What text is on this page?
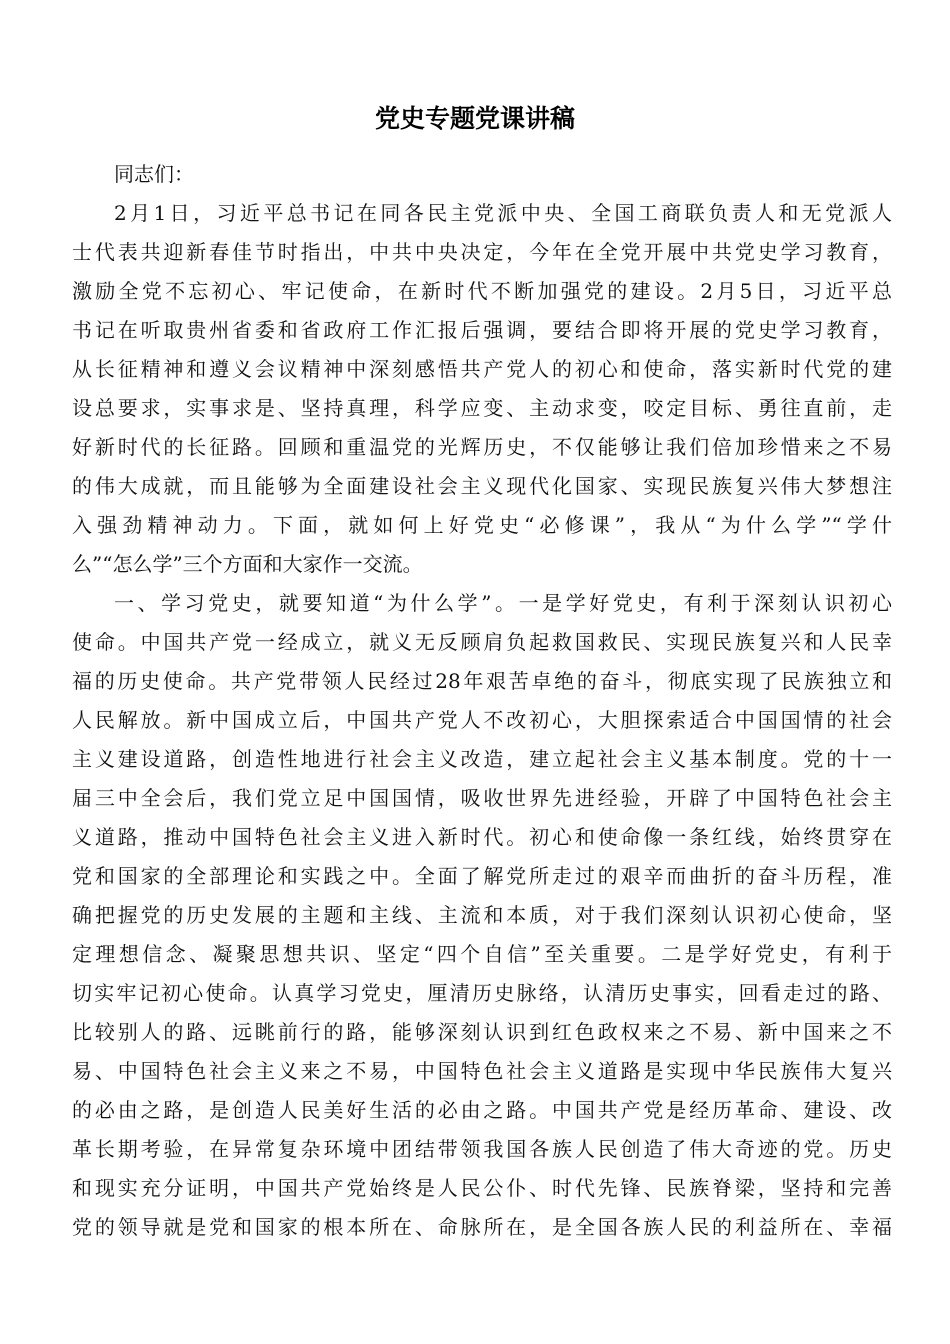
党史专题党课讲稿
同志们：
2月1日，习近平总书记在同各民主党派中央、全国工商联负责人和无党派人
士代表共迎新春佳节时指出，中共中央决定，今年在全党开展中共党史学习教育，
激励全党不忘初心、牢记使命，在新时代不断加强党的建设。2月5日，习近平总
书记在听取贵州省委和省政府工作汇报后强调，要结合即将开展的党史学习教育，
从长征精神和遵义会议精神中深刻感悟共产党人的初心和使命，落实新时代党的建
设总要求，实事求是、坚持真理，科学应变、主动求变，咬定目标、勇往直前，走
好新时代的长征路。回顾和重温党的光辉历史，不仅能够让我们倍加珍惜来之不易
的伟大成就，而且能够为全面建设社会主义现代化国家、实现民族复兴伟大梦想注
入强劲精神动力。下面，就如何上好党史“必修课”，我从“为什么学”“学什
么”“怎么学”三个方面和大家作一交流。
一、学习党史，就要知道“为什么学”。一是学好党史，有利于深刻认识初心
使命。中国共产党一经成立，就义无反顾肩负起救国救民、实现民族复兴和人民幸
福的历史使命。共产党带领人民经过28年艰苦卓绝的奋斗，彻底实现了民族独立和
人民解放。新中国成立后，中国共产党人不改初心，大胆探索适合中国国情的社会
主义建设道路，创造性地进行社会主义改造，建立起社会主义基本制度。党的十一
届三中全会后，我们党立足中国国情，吸收世界先进经验，开辟了中国特色社会主
义道路，推动中国特色社会主义进入新时代。初心和使命像一条红线，始终贯穿在
党和国家的全部理论和实践之中。全面了解党所走过的艰辛而曲折的奋斗历程，准
确把握党的历史发展的主题和主线、主流和本质，对于我们深刻认识初心使命，坚
定理想信念、凝聚思想共识、坚定“四个自信”至关重要。二是学好党史，有利于
切实牢记初心使命。认真学习党史，厘清历史脉络，认清历史事实，回看走过的路、
比较别人的路、远眺前行的路，能够深刻认识到红色政权来之不易、新中国来之不
易、中国特色社会主义来之不易，中国特色社会主义道路是实现中华民族伟大复兴
的必由之路，是创造人民美好生活的必由之路。中国共产党是经历革命、建设、改
革长期考验，在异常复杂环境中团结带领我国各族人民创造了伟大奇迹的党。历史
和现实充分证明，中国共产党始终是人民公仆、时代先锋、民族脊梁，坚持和完善
党的领导就是党和国家的根本所在、命脉所在，是全国各族人民的利益所在、幸福
